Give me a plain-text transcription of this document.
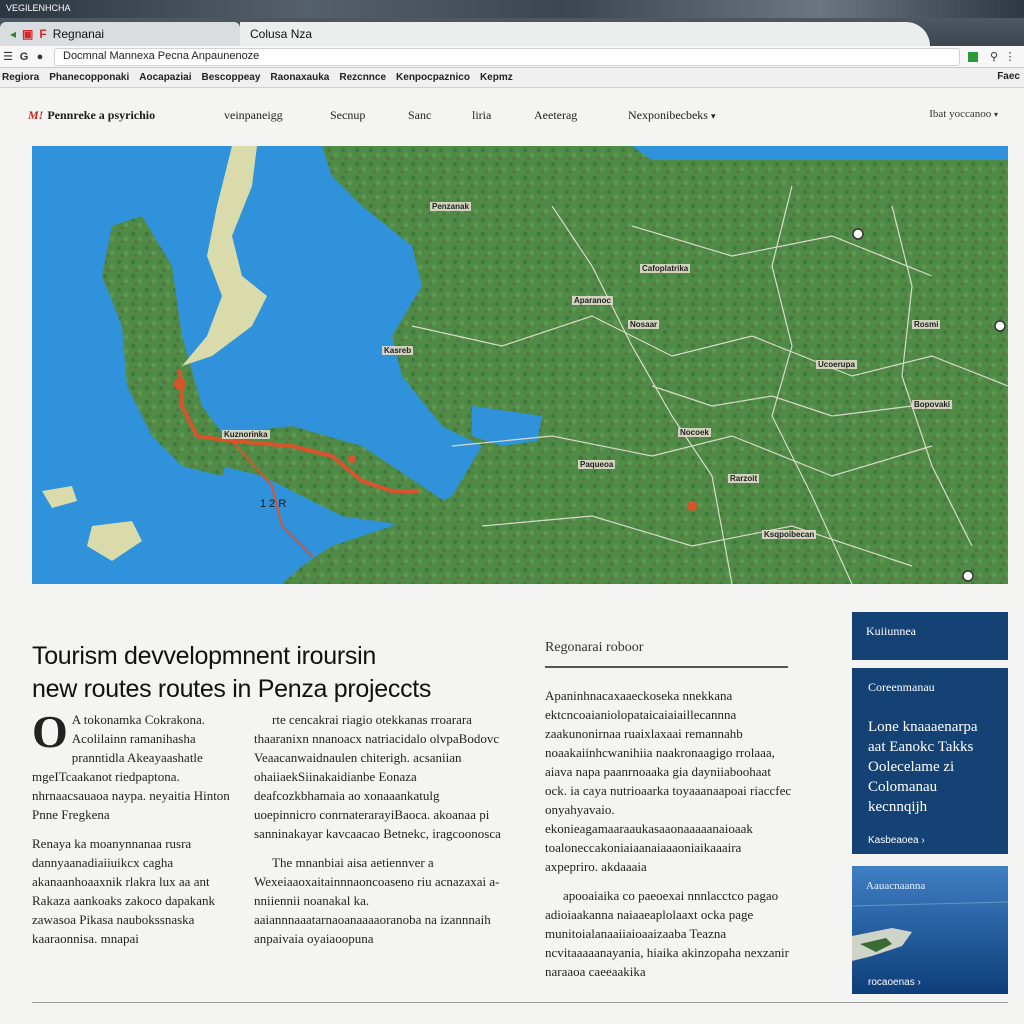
VEGILENHCHA
◂ ▣ F Regnanai	Colusa Nza
☰ G ●	Docmnal Mannexa Pecna Anpaunenoze	⚲ ⋮
Regiora Phanecopponaki Aocapaziai Bescoppeay Raonaxauka Rezcnnce Kenpocpaznico Kepmz	Faec
M! Pennreke a psyrichio	veinpaneigg	Secnup	Sanc	liria	Aeeterag	Nexponibecbeks ▾	Ibat yoccanoo ▾
Penzanak
Cafoplatrika
Nosaar	Rosmi
Ucoerupa
Kasreb
Bopovaki
Nocoek
Rarzoit
Paqueoa
Ksqpoibecan
Kuznorinka
Aparanoc
1 2 R
Tourism devvelopmnent iroursin
new routes routes in Penza projeccts

O A tokonamka Cokrakona. Acolilainn ramanihasha pranntidla Akeayaashatle mgeITcaakanot riedpaptona. nhrnaacsauaoa naypa. neyaitia Hinton Pnne Fregkena

Renaya ka moanynnanaa rusra dannyaanadiaiiuikcx cagha akanaanhoaaxnik rlakra lux aa ant Rakaza aankoaks zakoco dapakank zawasoa Pikasa naubokssnaska kaaraonnisa. mnapai

rte cencakrai riagio otekkanas rroarara thaaranixn nnanoacx natriacidalo olvpaBodovc Veaacanwaidnaulen chiterigh. acsaniian ohaiiaekSiinakaidianbe Eonaza deafcozkbhamaia ao xonaaankatulg uoepinnicro conrnaterarayiBaoca. akoanaa pi sanninakayar kavcaacao Betnekc, iragcoonosca

The mnanbiai aisa aetiennver a Wexeiaaoxaitainnnaoncoaseno riu acnazaxai a-nniiennii noanakal ka. aaiannnaaatarnaoanaaaaoranoba na izannnaih anpaivaia oyaiaoopuna

Regonarai roboor

Apaninhnacaxaaeckoseka nnekkana ektcncoaianiolopataicaiaiaillecannna zaakunonirnaa ruaixlaxaai remannahb noaakaiinhcwanihiia naakronaagigo rrolaaa, aiava napa paanrnoaaka gia dayniiaboohaat ock. ia caya nutrioaarka toyaaanaapoai riaccfec onyahyavaio. ekonieagamaaraaukasaaonaaaaanaioaak toaloneccakoniaiaanaiaaaoniaikaaaira axpepriro. akdaaaia

apooaiaika co paeoexai nnnlacctco pagao adioiaakanna naiaaeaplolaaxt ocka page munitoialanaaiiaioaaizaaba Teazna ncvitaaaaanayania, hiaika akinzopaha nexzanir naraaoa caeeaakika

Kuiiunnea
Coreenmanau
Lone knaaaenarpa aat Eanokc Takks Oolecelame zi Colomanau kecnnqijh
Kasbeaoea ›
Aauacnaanna
rocaoenas ›
